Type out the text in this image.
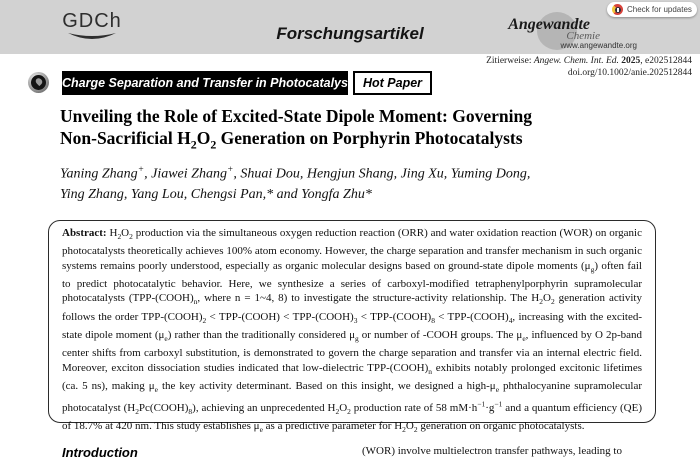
GDCh
Forschungsartikel	Angewandte
Chemie
www.angewandte.org
Check for updates
Zitierweise: Angew. Chem. Int. Ed. 2025, e202512844
doi.org/10.1002/anie.202512844
Charge Separation and Transfer in Photocatalyst Hot Paper
Unveiling the Role of Excited-State Dipole Moment: Governing
Non-Sacrificial $H_2O_2$ Generation on Porphyrin Photocatalysts
Yaning Zhang+, Jiawei Zhang+, Shuai Dou, Hengjun Shang, Jing Xu, Yuming Dong,
Ying Zhang, Yang Lou, Chengsi Pan,* and Yongfa Zhu*
Abstract: $H_2O_2$ production via the simultaneous oxygen reduction reaction (ORR) and water oxidation reaction (WOR) on organic photocatalysts theoretically achieves 100% atom economy. However, the charge separation and transfer mechanism in such organic systems remains poorly understood, especially as organic molecular designs based on ground-state dipole moments $(\mu_g)$ often fail to predict photocatalytic behavior. Here, we synthesize a series of carboxyl-modified tetraphenylporphyrin supramolecular photocatalysts ($TPP-(COOH)_n$, where n = 1~4, 8) to investigate the structure-activity relationship. The $H_2O_2$ generation activity follows the order TPP-$(COOH)_2$ < TPP-(COOH) < TPP-$(COOH)_3$ < TPP-$(COOH)_8$ < TPP-$(COOH)_4$, increasing with the excited-state dipole moment $(\mu_e)$ rather than the traditionally considered $\mu_g$ or number of -COOH groups. The $\mu_e$, influenced by O 2p-band center shifts from carboxyl substitution, is demonstrated to govern the charge separation and transfer via an internal electric field. Moreover, exciton dissociation studies indicated that low-dielectric TPP-$(COOH)_n$ exhibits notably prolonged excitonic lifetimes (ca. 5 ns), making $\mu_e$ the key activity determinant. Based on this insight, we designed a high-$\mu_e$ phthalocyanine supramolecular photocatalyst $(H_2Pc(COOH)_8)$, achieving an unprecedented $H_2O_2$ production rate of 58 $mM\cdot h^{-1}\cdot g^{-1}$ and a quantum efficiency (QE) of 18.7% at 420 nm. This study establishes $\mu_e$ as a predictive parameter for $H_2O_2$ generation on organic photocatalysts.
Introduction	(WOR) involve multielectron transfer pathways, leading to
